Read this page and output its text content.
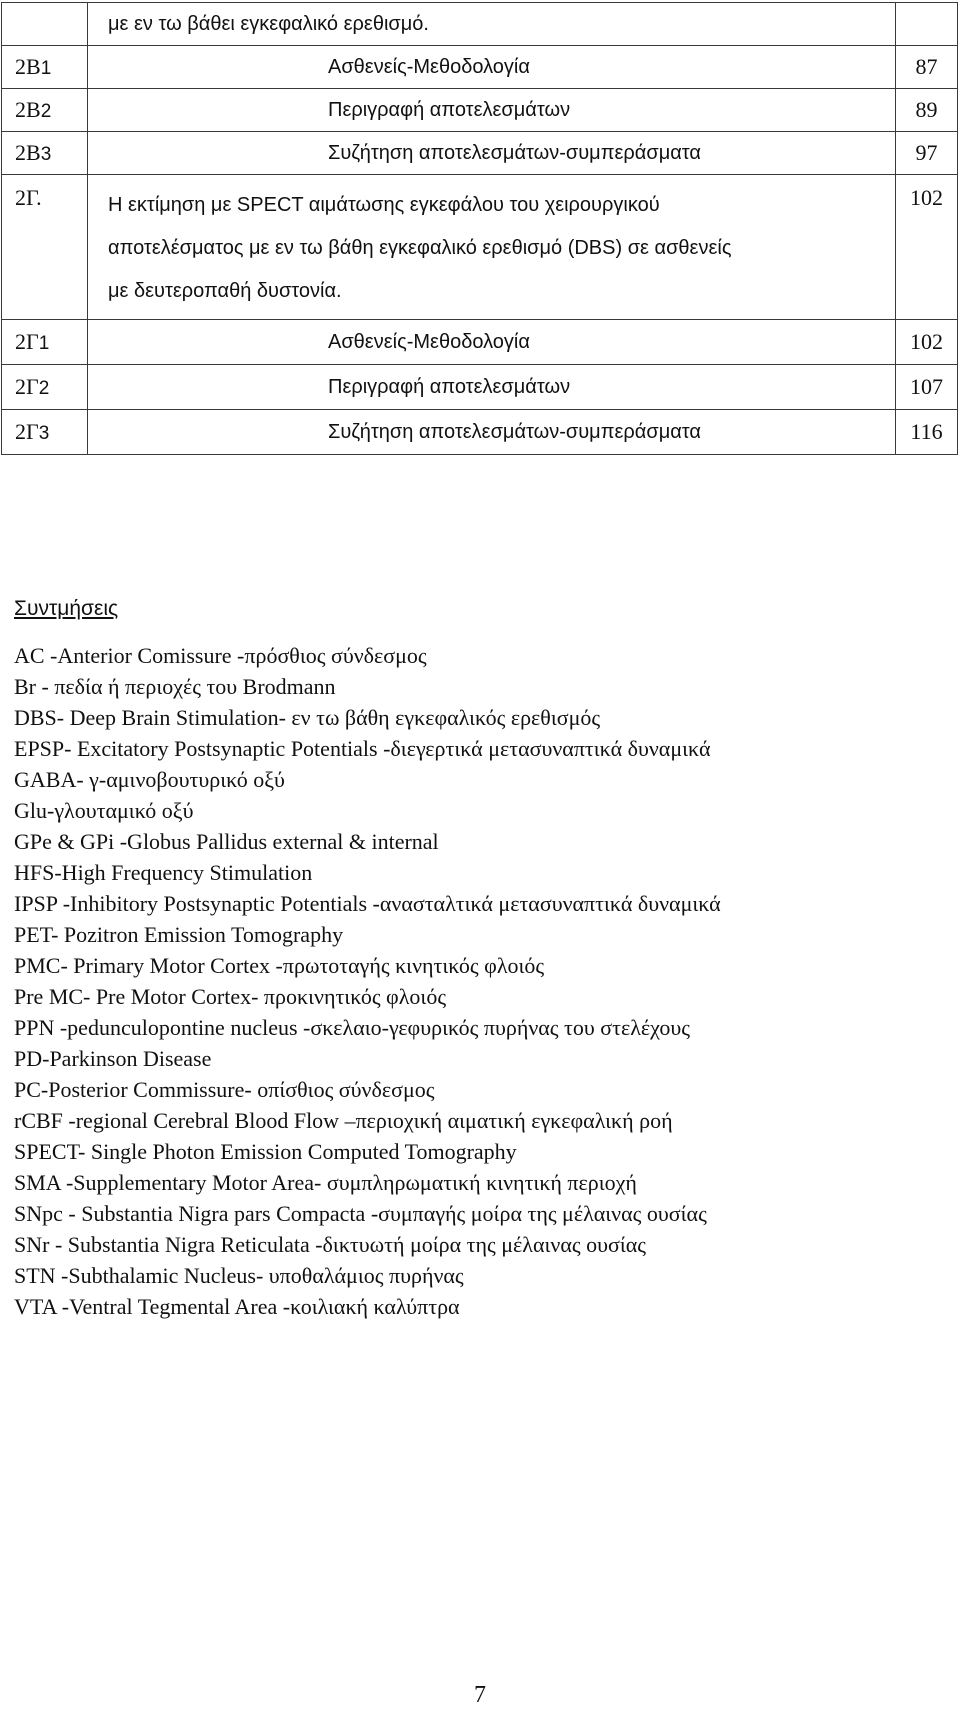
	με εν τω βάθει εγκεφαλικό ερεθισμό.	
2Β1	Ασθενείς-Μεθοδολογία	87
2Β2	Περιγραφή αποτελεσμάτων	89
2Β3	Συζήτηση αποτελεσμάτων-συμπεράσματα	97
2Γ.	Η εκτίμηση με SPECT αιμάτωσης εγκεφάλου του χειρουργικού
αποτελέσματος με εν τω βάθη εγκεφαλικό ερεθισμό (DBS) σε ασθενείς
με δευτεροπαθή δυστονία.	102
2Γ1	Ασθενείς-Μεθοδολογία	102
2Γ2	Περιγραφή αποτελεσμάτων	107
2Γ3	Συζήτηση αποτελεσμάτων-συμπεράσματα	116
Συντμήσεις
AC -Anterior Comissure -πρόσθιος σύνδεσμος
Br - πεδία ή περιοχές του Brodmann
DBS- Deep Brain Stimulation- εν τω βάθη εγκεφαλικός ερεθισμός
EPSP- Excitatory Postsynaptic Potentials -διεγερτικά μετασυναπτικά δυναμικά
GABA- γ-αμινοβουτυρικό οξύ
Glu-γλουταμικό οξύ
GPe & GPi -Globus Pallidus external & internal
HFS-High Frequency Stimulation
IPSP -Inhibitory Postsynaptic Potentials -ανασταλτικά μετασυναπτικά δυναμικά
PET- Pozitron Emission Tomography
PMC- Primary Motor Cortex -πρωτοταγής κινητικός φλοιός
Pre MC- Pre Motor Cortex- προκινητικός φλοιός
PPN -pedunculopontine nucleus -σκελαιο-γεφυρικός πυρήνας του στελέχους
PD-Parkinson Disease
PC-Posterior Commissure- οπίσθιος σύνδεσμος
rCBF -regional Cerebral Blood Flow –περιοχική αιματική εγκεφαλική ροή
SPECT- Single Photon Emission Computed Tomography
SMA -Supplementary Motor Area- συμπληρωματική κινητική περιοχή
SNpc - Substantia Nigra pars Compacta -συμπαγής μοίρα της μέλαινας ουσίας
SNr - Substantia Nigra Reticulata -δικτυωτή μοίρα της μέλαινας ουσίας
STN -Subthalamic Nucleus- υποθαλάμιος πυρήνας
VTA -Ventral Tegmental Area -κοιλιακή καλύπτρα
7
